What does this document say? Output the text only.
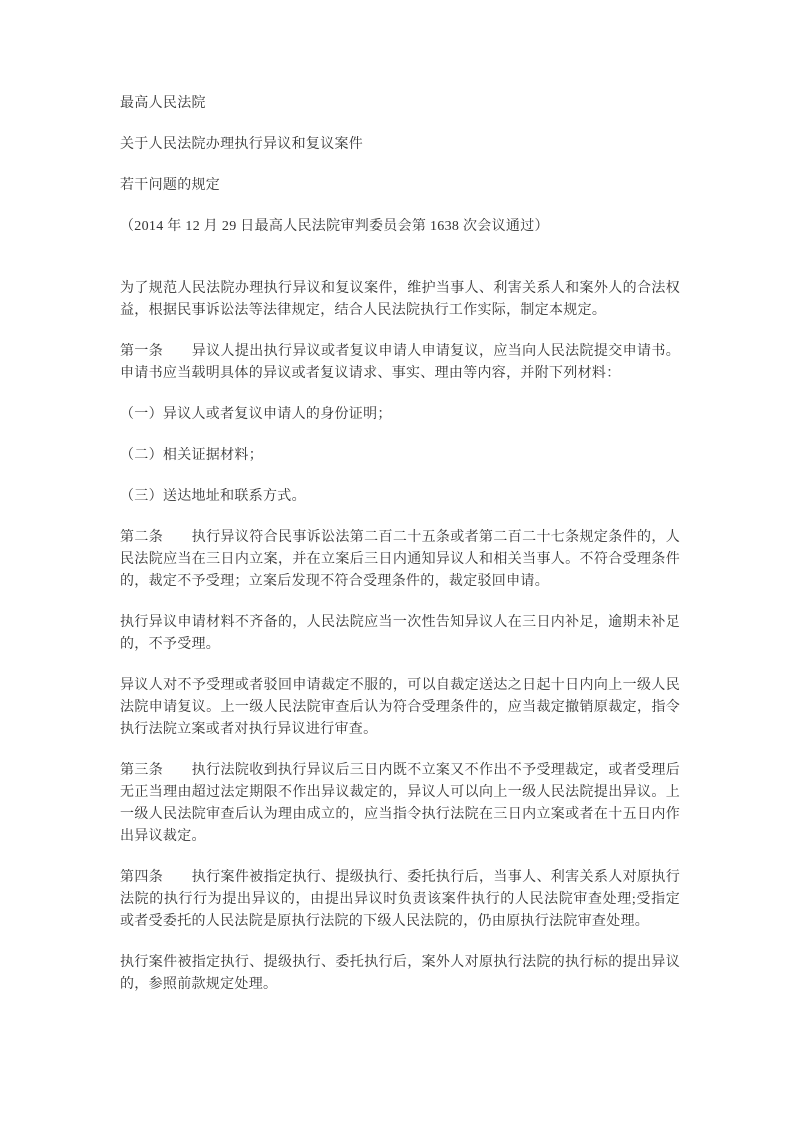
最高人民法院

关于人民法院办理执行异议和复议案件

若干问题的规定

（2014 年 12 月 29 日最高人民法院审判委员会第 1638 次会议通过）

为了规范人民法院办理执行异议和复议案件，维护当事人、利害关系人和案外人的合法权益，根据民事诉讼法等法律规定，结合人民法院执行工作实际，制定本规定。

第一条　　异议人提出执行异议或者复议申请人申请复议，应当向人民法院提交申请书。申请书应当载明具体的异议或者复议请求、事实、理由等内容，并附下列材料：

（一）异议人或者复议申请人的身份证明；

（二）相关证据材料；

（三）送达地址和联系方式。

第二条　　执行异议符合民事诉讼法第二百二十五条或者第二百二十七条规定条件的，人民法院应当在三日内立案，并在立案后三日内通知异议人和相关当事人。不符合受理条件的，裁定不予受理；立案后发现不符合受理条件的，裁定驳回申请。

执行异议申请材料不齐备的，人民法院应当一次性告知异议人在三日内补足，逾期未补足的，不予受理。

异议人对不予受理或者驳回申请裁定不服的，可以自裁定送达之日起十日内向上一级人民法院申请复议。上一级人民法院审查后认为符合受理条件的，应当裁定撤销原裁定，指令执行法院立案或者对执行异议进行审查。

第三条　　执行法院收到执行异议后三日内既不立案又不作出不予受理裁定，或者受理后无正当理由超过法定期限不作出异议裁定的，异议人可以向上一级人民法院提出异议。上一级人民法院审查后认为理由成立的，应当指令执行法院在三日内立案或者在十五日内作出异议裁定。

第四条　　执行案件被指定执行、提级执行、委托执行后，当事人、利害关系人对原执行法院的执行行为提出异议的，由提出异议时负责该案件执行的人民法院审查处理;受指定或者受委托的人民法院是原执行法院的下级人民法院的，仍由原执行法院审查处理。

执行案件被指定执行、提级执行、委托执行后，案外人对原执行法院的执行标的提出异议的，参照前款规定处理。
